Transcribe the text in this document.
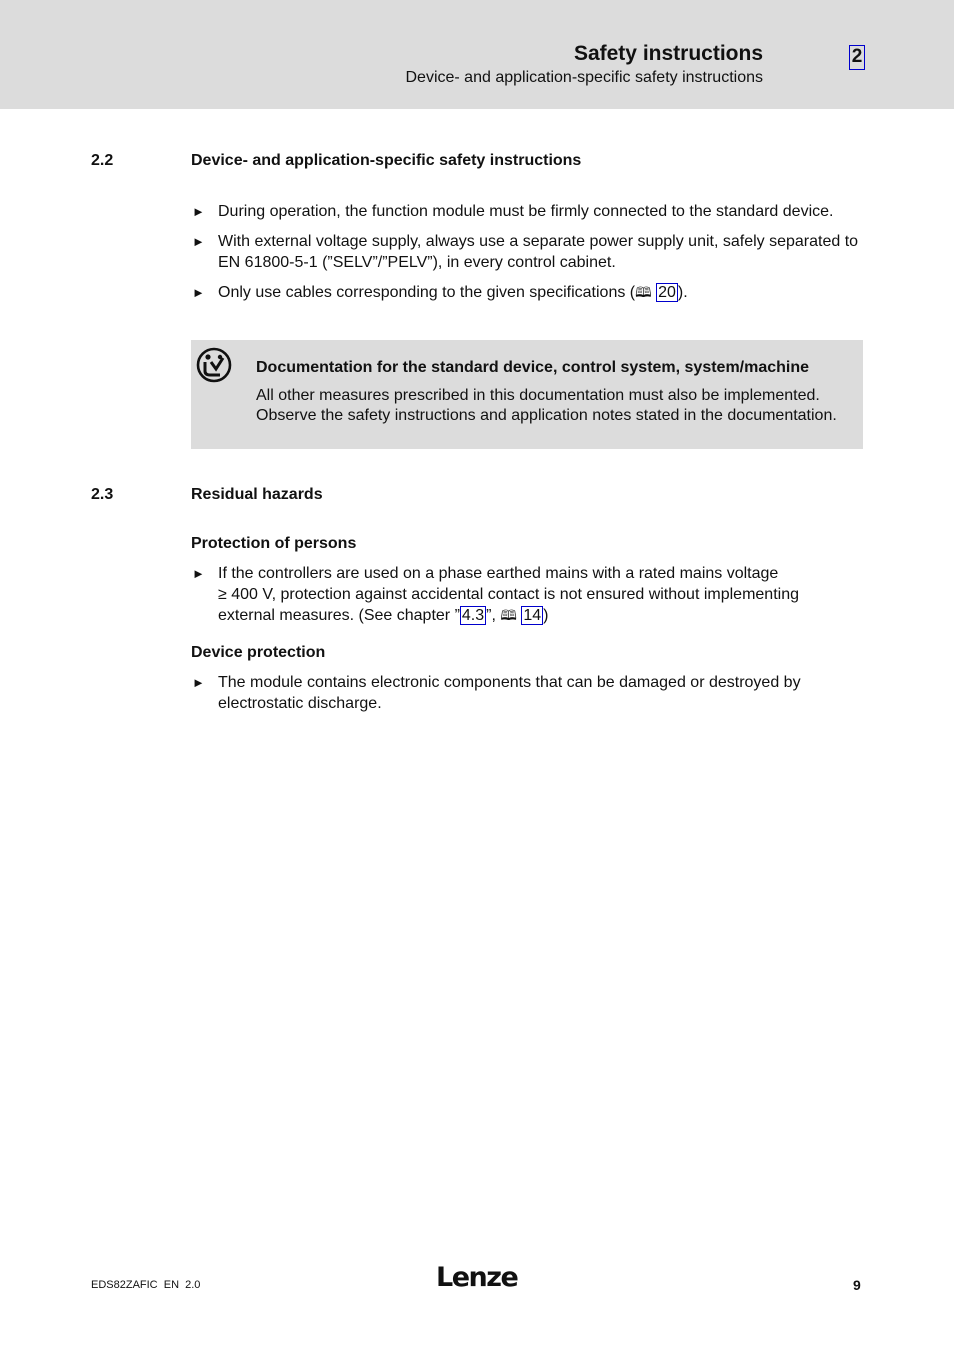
Safety instructions
Device- and application-specific safety instructions
2
2.2	Device- and application-specific safety instructions
► During operation, the function module must be firmly connected to the standard device.
► With external voltage supply, always use a separate power supply unit, safely separated to EN 61800-5-1 (”SELV”/”PELV”), in every control cabinet.
► Only use cables corresponding to the given specifications (🕮 20 ).
Documentation for the standard device, control system, system/machine
All other measures prescribed in this documentation must also be implemented. Observe the safety instructions and application notes stated in the documentation.
2.3	Residual hazards
Protection of persons
► If the controllers are used on a phase earthed mains with a rated mains voltage
≥ 400 V, protection against accidental contact is not ensured without implementing
external measures. (See chapter ” 4.3 ”, 🕮 14 )
Device protection
► The module contains electronic components that can be damaged or destroyed by electrostatic discharge.
EDS82ZAFIC  EN  2.0	Lenze	9
